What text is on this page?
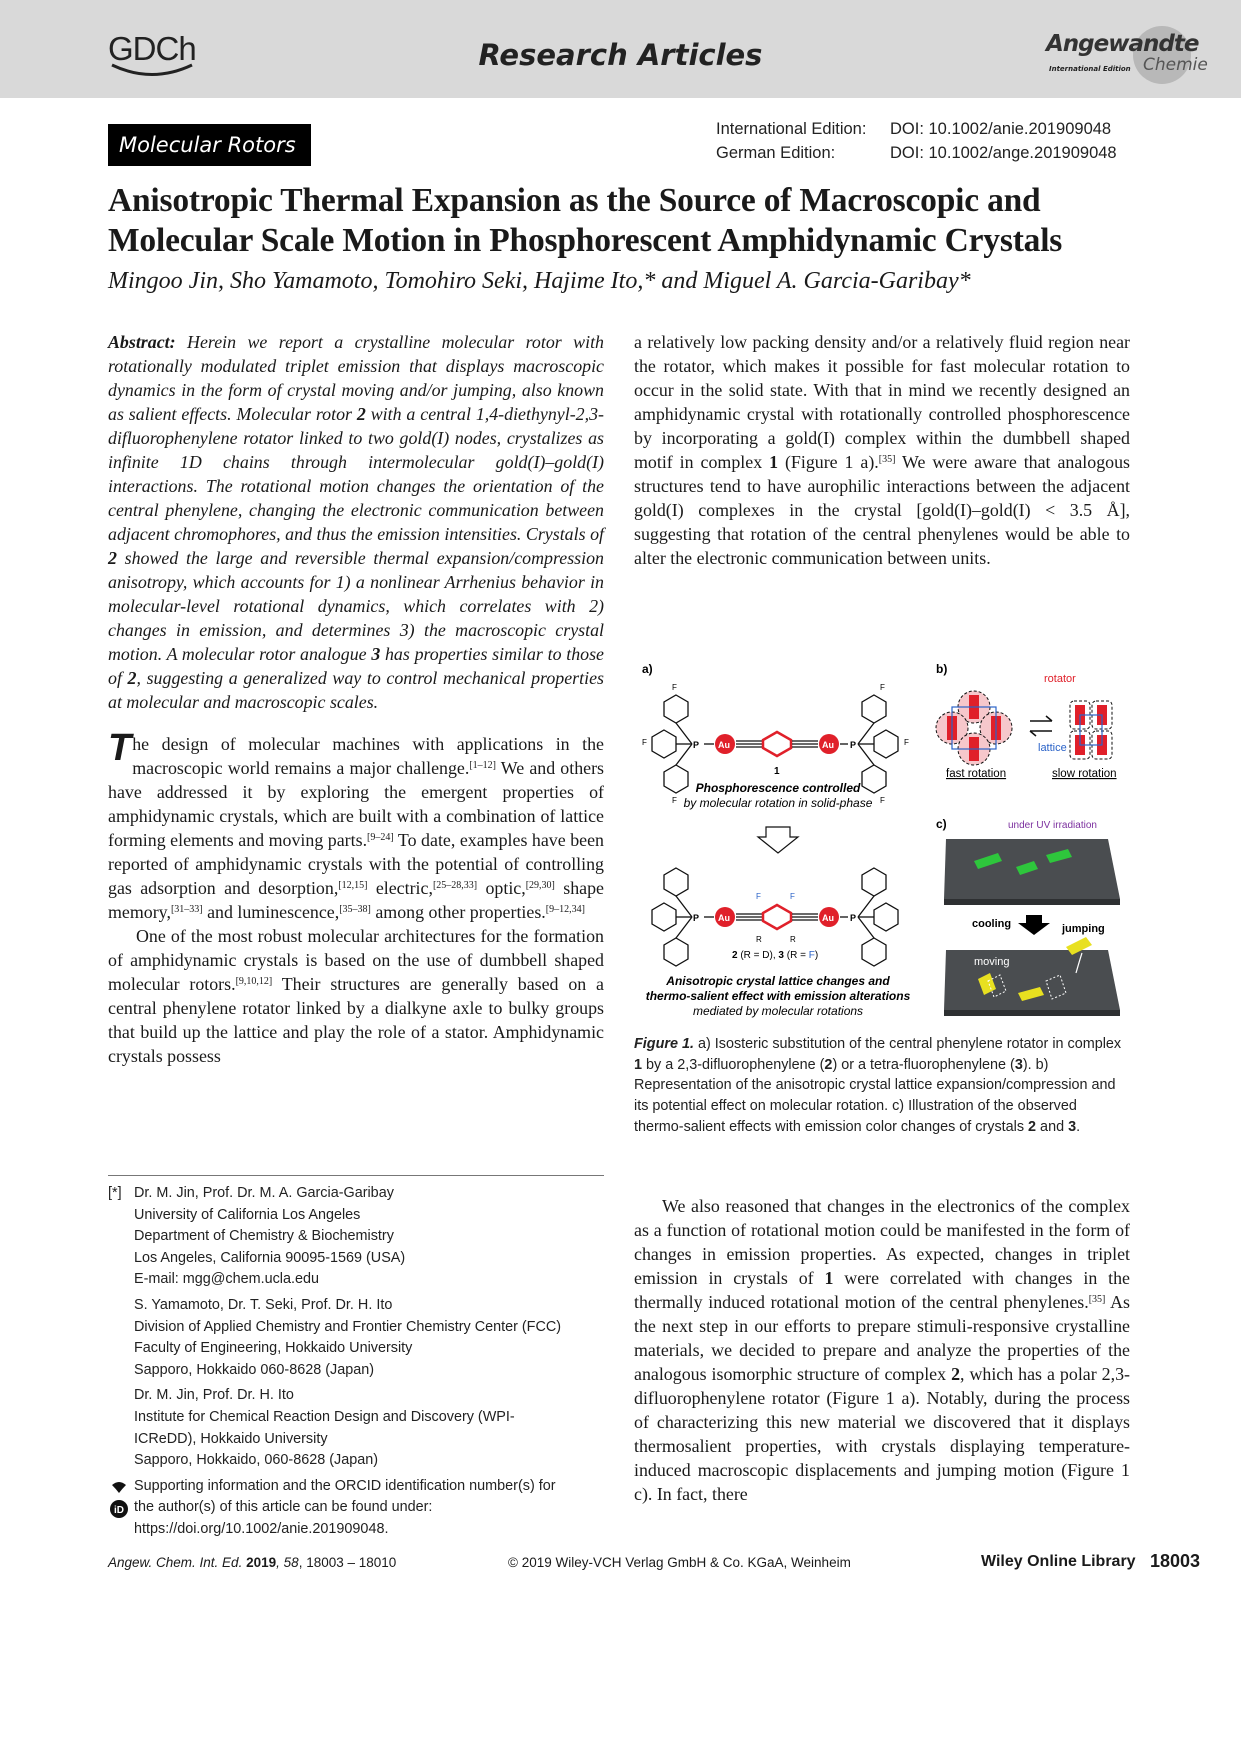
GDCh	Research Articles	Angewandte
International Edition Chemie
Molecular Rotors
International Edition: DOI: 10.1002/anie.201909048
German Edition:	DOI: 10.1002/ange.201909048
Anisotropic Thermal Expansion as the Source of Macroscopic and
Molecular Scale Motion in Phosphorescent Amphidynamic Crystals
Mingoo Jin, Sho Yamamoto, Tomohiro Seki, Hajime Ito,* and Miguel A. Garcia-Garibay*

Abstract: Herein we report a crystalline molecular rotor with rotationally modulated triplet emission that displays macroscopic dynamics in the form of crystal moving and/or jumping, also known as salient effects. Molecular rotor 2 with a central 1,4-diethynyl-2,3-difluorophenylene rotator linked to two gold(I) nodes, crystalizes as infinite 1D chains through intermolecular gold(I)–gold(I) interactions. The rotational motion changes the orientation of the central phenylene, changing the electronic communication between adjacent chromophores, and thus the emission intensities. Crystals of 2 showed the large and reversible thermal expansion/compression anisotropy, which accounts for 1) a nonlinear Arrhenius behavior in molecular-level rotational dynamics, which correlates with 2) changes in emission, and determines 3) the macroscopic crystal motion. A molecular rotor analogue 3 has properties similar to those of 2, suggesting a generalized way to control mechanical properties at molecular and macroscopic scales.

The design of molecular machines with applications in the macroscopic world remains a major challenge.[1–12] We and others have addressed it by exploring the emergent properties of amphidynamic crystals, which are built with a combination of lattice forming elements and moving parts.[9–24] To date, examples have been reported of amphidynamic crystals with the potential of controlling gas adsorption and desorption,[12,15] electric,[25–28,33] optic,[29,30] shape memory,[31–33] and luminescence,[35–38] among other properties.[9–12,34]

One of the most robust molecular architectures for the formation of amphidynamic crystals is based on the use of dumbbell shaped molecular rotors.[9,10,12] Their structures are generally based on a central phenylene rotator linked by a dialkyne axle to bulky groups that build up the lattice and play the role of a stator. Amphidynamic crystals possess

a relatively low packing density and/or a relatively fluid region near the rotator, which makes it possible for fast molecular rotation to occur in the solid state. With that in mind we recently designed an amphidynamic crystal with rotationally controlled phosphorescence by incorporating a gold(I) complex within the dumbbell shaped motif in complex 1 (Figure 1 a).[35] We were aware that analogous structures tend to have aurophilic interactions between the adjacent gold(I) complexes in the crystal [gold(I)–gold(I) < 3.5 Å], suggesting that rotation of the central phenylenes would be able to alter the electronic communication between units.

a)
P Au	Au P
F
F
F
F
F
F
1
Phosphorescence controlled
by molecular rotation in solid-phase
P Au
F	F
R	R
Au P
2 (R = D), 3 (R = F)
Anisotropic crystal lattice changes and
thermo-salient effect with emission alterations
mediated by molecular rotations
b)
rotator
lattice
fast rotation	slow rotation
c)	under UV irradiation
cooling	jumping
moving
Figure 1. a) Isosteric substitution of the central phenylene rotator in complex 1 by a 2,3-difluorophenylene (2) or a tetra-fluorophenylene (3). b) Representation of the anisotropic crystal lattice expansion/compression and its potential effect on molecular rotation. c) Illustration of the observed thermo-salient effects with emission color changes of crystals 2 and 3.

We also reasoned that changes in the electronics of the complex as a function of rotational motion could be manifested in the form of changes in emission properties. As expected, changes in triplet emission in crystals of 1 were correlated with changes in the thermally induced rotational motion of the central phenylenes.[35] As the next step in our efforts to prepare stimuli-responsive crystalline materials, we decided to prepare and analyze the properties of the analogous isomorphic structure of complex 2, which has a polar 2,3-difluorophenylene rotator (Figure 1 a). Notably, during the process of characterizing this new material we discovered that it displays thermosalient properties, with crystals displaying temperature-induced macroscopic displacements and jumping motion (Figure 1 c). In fact, there

[*] Dr. M. Jin, Prof. Dr. M. A. Garcia-Garibay
University of California Los Angeles
Department of Chemistry & Biochemistry
Los Angeles, California 90095-1569 (USA)
E-mail: mgg@chem.ucla.edu
S. Yamamoto, Dr. T. Seki, Prof. Dr. H. Ito
Division of Applied Chemistry and Frontier Chemistry Center (FCC)
Faculty of Engineering, Hokkaido University
Sapporo, Hokkaido 060-8628 (Japan)
Dr. M. Jin, Prof. Dr. H. Ito
Institute for Chemical Reaction Design and Discovery (WPI-
ICReDD), Hokkaido University
Sapporo, Hokkaido, 060-8628 (Japan)
iD
Supporting information and the ORCID identification number(s) for
the author(s) of this article can be found under:
https://doi.org/10.1002/anie.201909048.
Angew. Chem. Int. Ed. 2019, 58, 18003 – 18010	© 2019 Wiley-VCH Verlag GmbH & Co. KGaA, Weinheim	Wiley Online Library 18003
